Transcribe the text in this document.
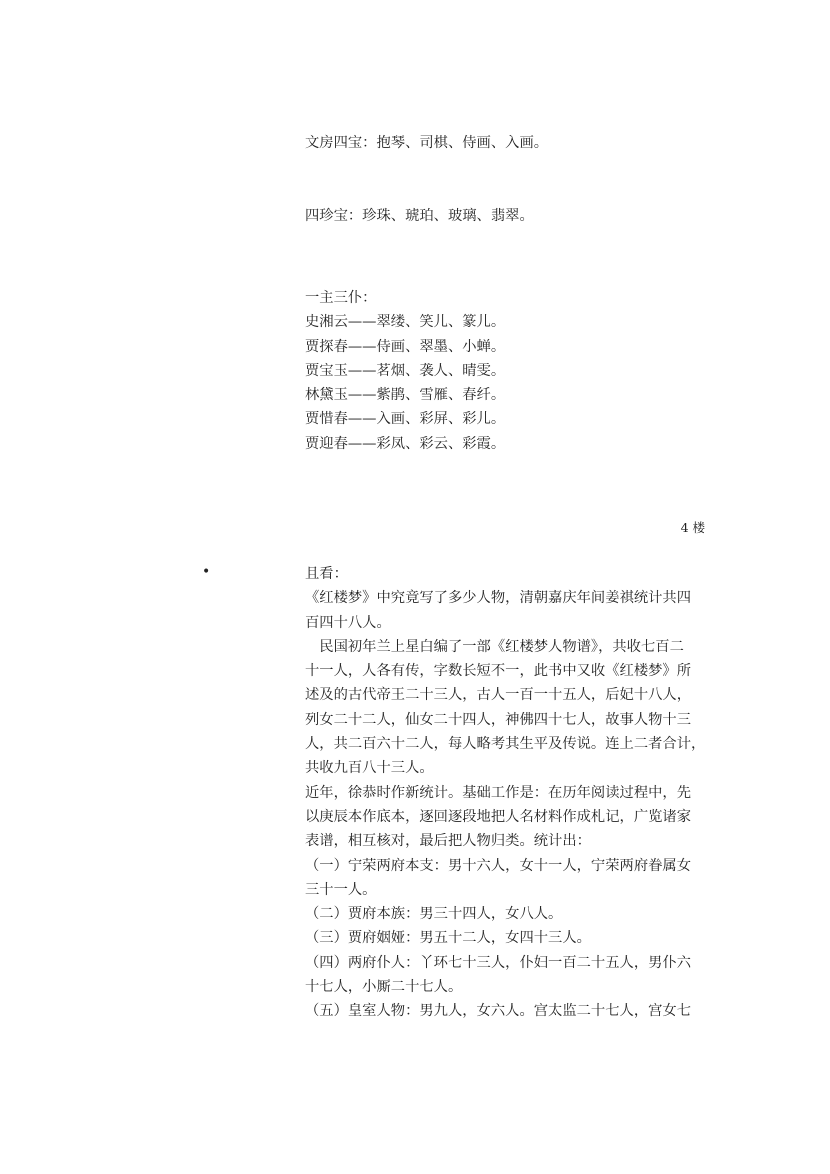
文房四宝：抱琴、司棋、侍画、入画。
四珍宝：珍珠、琥珀、玻璃、翡翠。
一主三仆：
史湘云——翠缕、笑儿、篆儿。
贾探春——侍画、翠墨、小蝉。
贾宝玉——茗烟、袭人、晴雯。
林黛玉——紫鹃、雪雁、春纤。
贾惜春——入画、彩屏、彩儿。
贾迎春——彩凤、彩云、彩霞。
4 楼
•	且看：
《红楼梦》中究竟写了多少人物，清朝嘉庆年间姜祺统计共四
百四十八人。
　民国初年兰上星白编了一部《红楼梦人物谱》，共收七百二
十一人，人各有传，字数长短不一，此书中又收《红楼梦》所
述及的古代帝王二十三人，古人一百一十五人，后妃十八人，
列女二十二人，仙女二十四人，神佛四十七人，故事人物十三
人，共二百六十二人，每人略考其生平及传说。连上二者合计，
共收九百八十三人。
近年，徐恭时作新统计。基础工作是：在历年阅读过程中，先
以庚辰本作底本，逐回逐段地把人名材料作成札记，广览诸家
表谱，相互核对，最后把人物归类。统计出：
（一）宁荣两府本支：男十六人，女十一人，宁荣两府眷属女
三十一人。
（二）贾府本族：男三十四人，女八人。
（三）贾府姻娅：男五十二人，女四十三人。
（四）两府仆人：丫环七十三人，仆妇一百二十五人，男仆六
十七人，小厮二十七人。
（五）皇室人物：男九人，女六人。宫太监二十七人，宫女七
